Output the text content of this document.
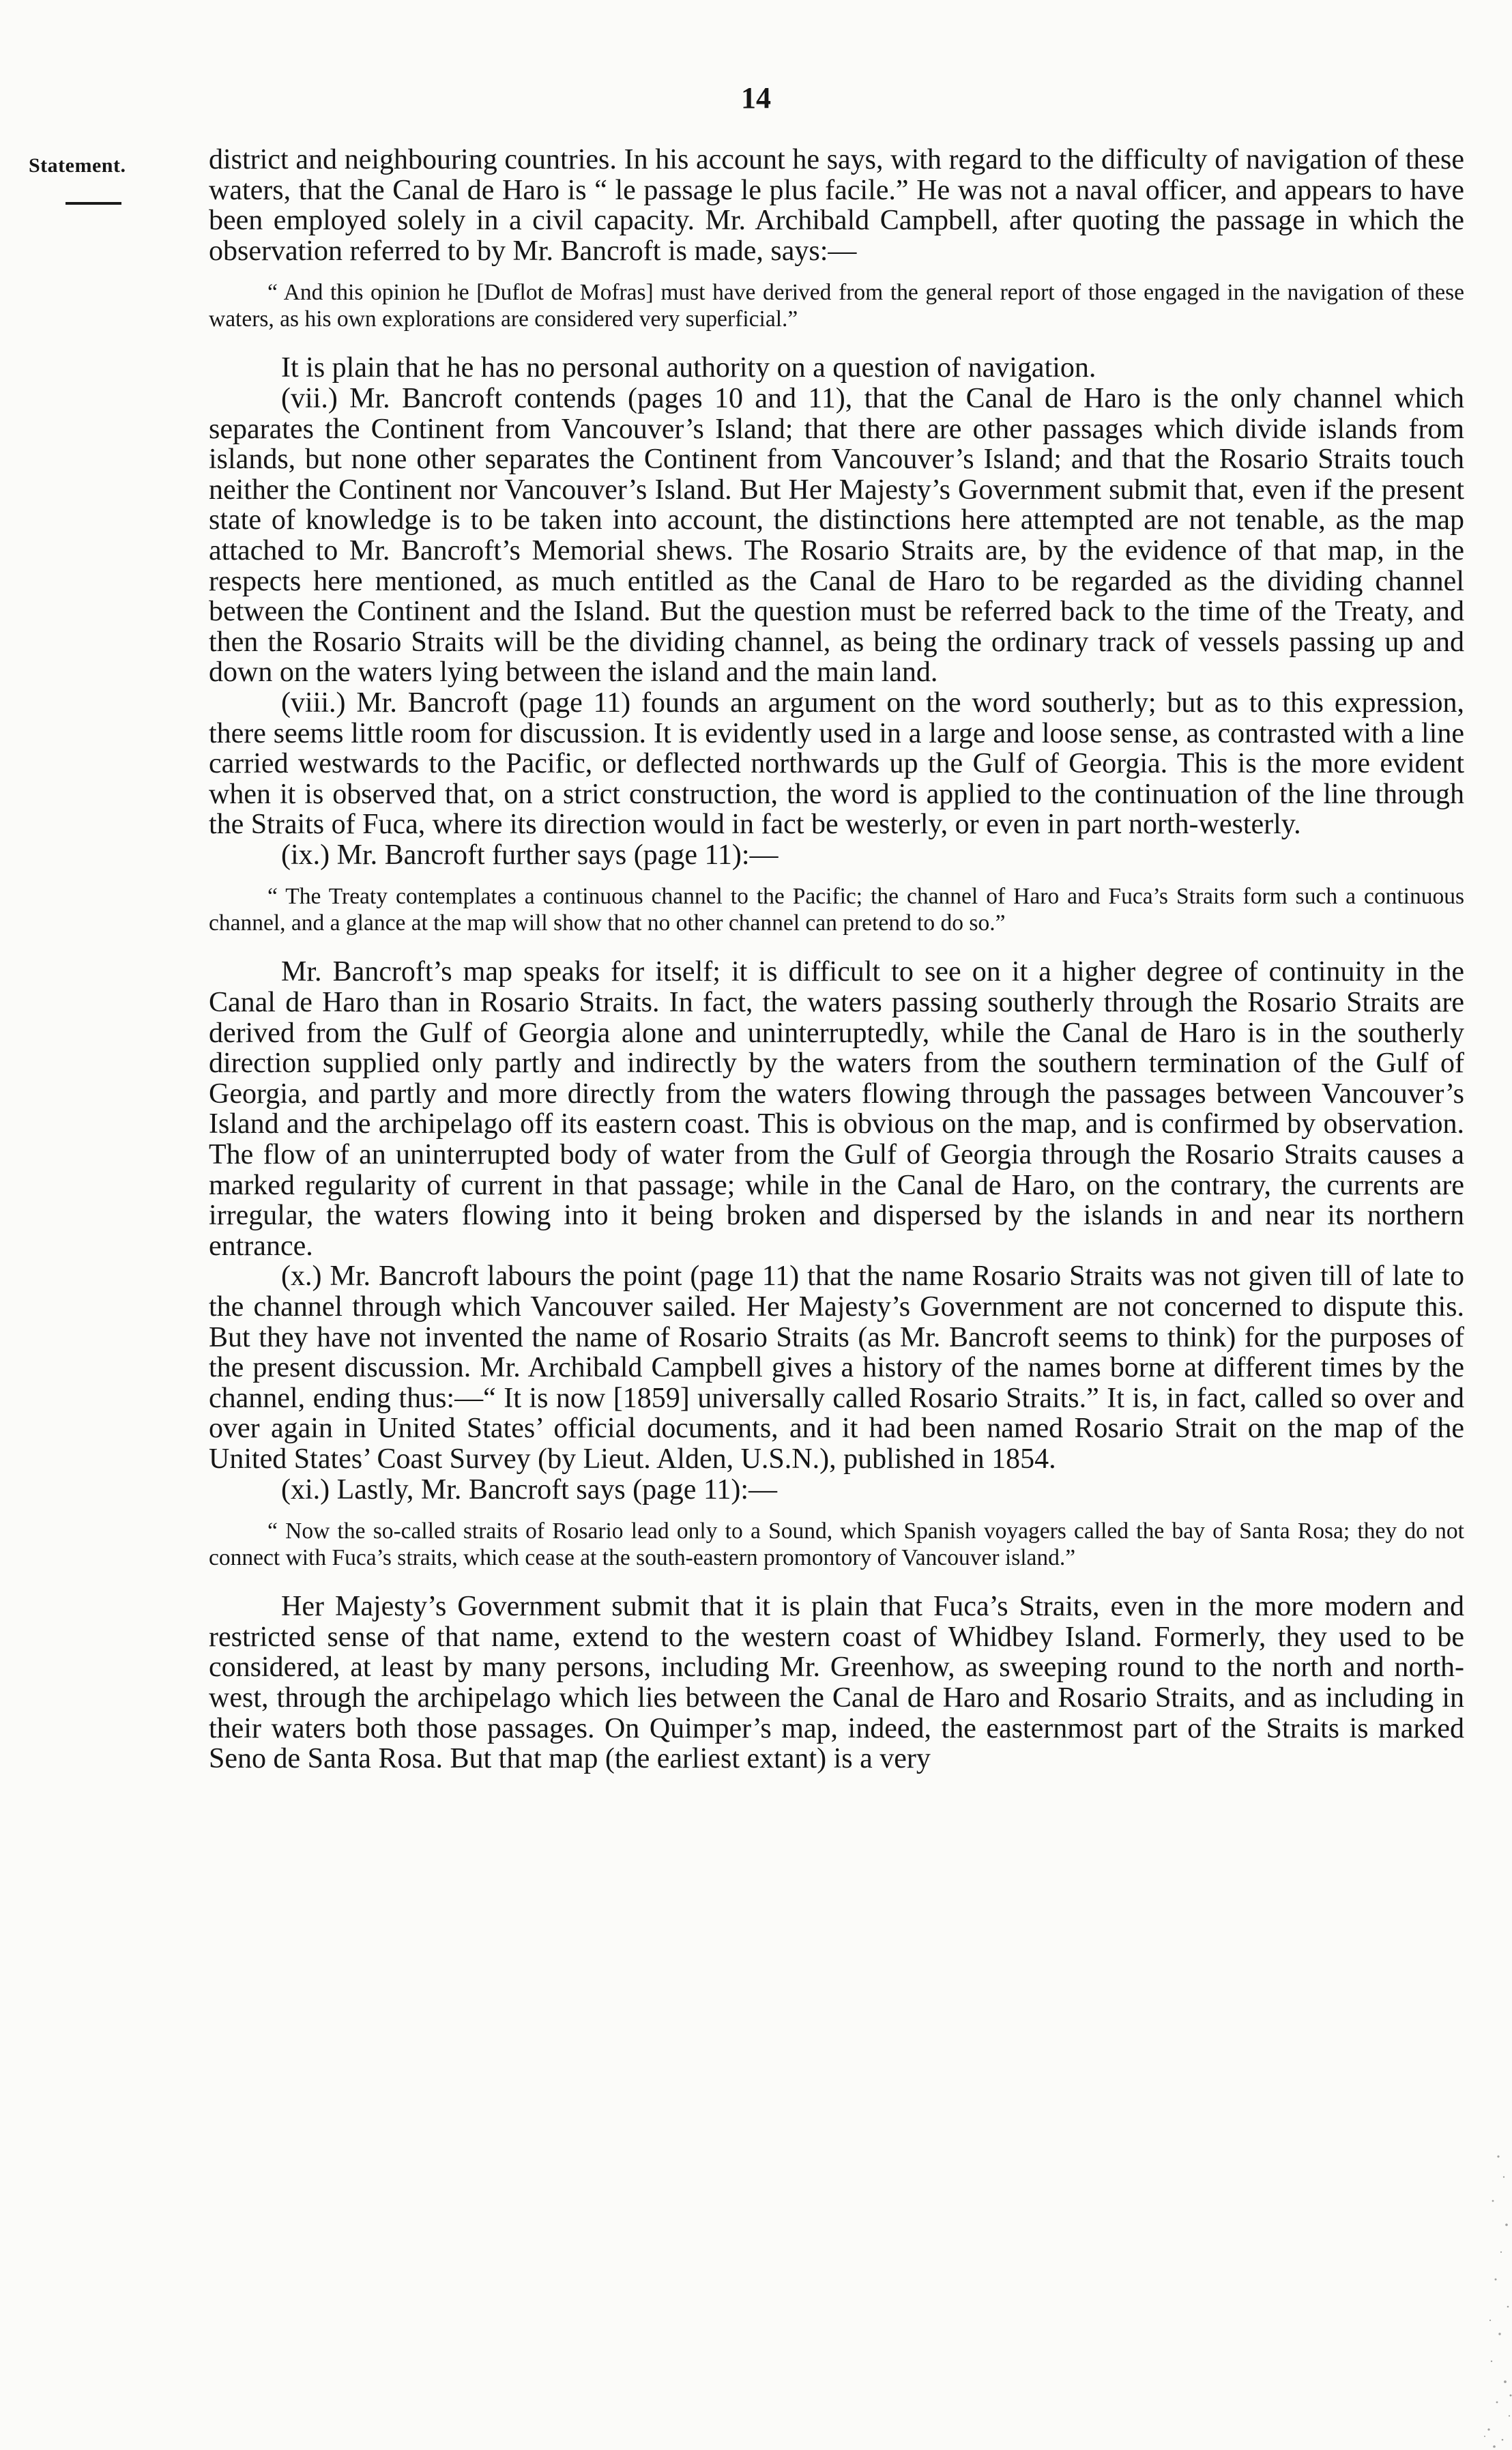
14
Statement.	district and neighbouring countries. In his account he says, with regard to the difficulty of navigation of these waters, that the Canal de Haro is “ le passage le plus facile.” He was not a naval officer, and appears to have been employed solely in a civil capacity. Mr. Archibald Campbell, after quoting the passage in which the observation referred to by Mr. Bancroft is made, says:—

“ And this opinion he [Duflot de Mofras] must have derived from the general report of those engaged in the navigation of these waters, as his own explorations are considered very superficial.”

It is plain that he has no personal authority on a question of navigation.

(vii.) Mr. Bancroft contends (pages 10 and 11), that the Canal de Haro is the only channel which separates the Continent from Vancouver’s Island; that there are other passages which divide islands from islands, but none other separates the Continent from Vancouver’s Island; and that the Rosario Straits touch neither the Continent nor Vancouver’s Island. But Her Majesty’s Government submit that, even if the present state of knowledge is to be taken into account, the distinctions here attempted are not tenable, as the map attached to Mr. Bancroft’s Memorial shews. The Rosario Straits are, by the evidence of that map, in the respects here mentioned, as much entitled as the Canal de Haro to be regarded as the dividing channel between the Continent and the Island. But the question must be referred back to the time of the Treaty, and then the Rosario Straits will be the dividing channel, as being the ordinary track of vessels passing up and down on the waters lying between the island and the main land.

(viii.) Mr. Bancroft (page 11) founds an argument on the word southerly; but as to this expression, there seems little room for discussion. It is evidently used in a large and loose sense, as contrasted with a line carried westwards to the Pacific, or deflected northwards up the Gulf of Georgia. This is the more evident when it is observed that, on a strict construction, the word is applied to the continuation of the line through the Straits of Fuca, where its direction would in fact be westerly, or even in part north-westerly.

(ix.) Mr. Bancroft further says (page 11):—

“ The Treaty contemplates a continuous channel to the Pacific; the channel of Haro and Fuca’s Straits form such a continuous channel, and a glance at the map will show that no other channel can pretend to do so.”

Mr. Bancroft’s map speaks for itself; it is difficult to see on it a higher degree of continuity in the Canal de Haro than in Rosario Straits. In fact, the waters passing southerly through the Rosario Straits are derived from the Gulf of Georgia alone and uninterruptedly, while the Canal de Haro is in the southerly direction supplied only partly and indirectly by the waters from the southern termination of the Gulf of Georgia, and partly and more directly from the waters flowing through the passages between Vancouver’s Island and the archipelago off its eastern coast. This is obvious on the map, and is confirmed by observation. The flow of an uninterrupted body of water from the Gulf of Georgia through the Rosario Straits causes a marked regularity of current in that passage; while in the Canal de Haro, on the contrary, the currents are irregular, the waters flowing into it being broken and dispersed by the islands in and near its northern entrance.

(x.) Mr. Bancroft labours the point (page 11) that the name Rosario Straits was not given till of late to the channel through which Vancouver sailed. Her Majesty’s Government are not concerned to dispute this. But they have not invented the name of Rosario Straits (as Mr. Bancroft seems to think) for the purposes of the present discussion. Mr. Archibald Campbell gives a history of the names borne at different times by the channel, ending thus:—“ It is now [1859] universally called Rosario Straits.” It is, in fact, called so over and over again in United States’ official documents, and it had been named Rosario Strait on the map of the United States’ Coast Survey (by Lieut. Alden, U.S.N.), published in 1854.

(xi.) Lastly, Mr. Bancroft says (page 11):—

“ Now the so-called straits of Rosario lead only to a Sound, which Spanish voyagers called the bay of Santa Rosa; they do not connect with Fuca’s straits, which cease at the south-eastern promontory of Vancouver island.”

Her Majesty’s Government submit that it is plain that Fuca’s Straits, even in the more modern and restricted sense of that name, extend to the western coast of Whidbey Island. Formerly, they used to be considered, at least by many persons, including Mr. Greenhow, as sweeping round to the north and north-west, through the archipelago which lies between the Canal de Haro and Rosario Straits, and as including in their waters both those passages. On Quimper’s map, indeed, the easternmost part of the Straits is marked Seno de Santa Rosa. But that map (the earliest extant) is a very
